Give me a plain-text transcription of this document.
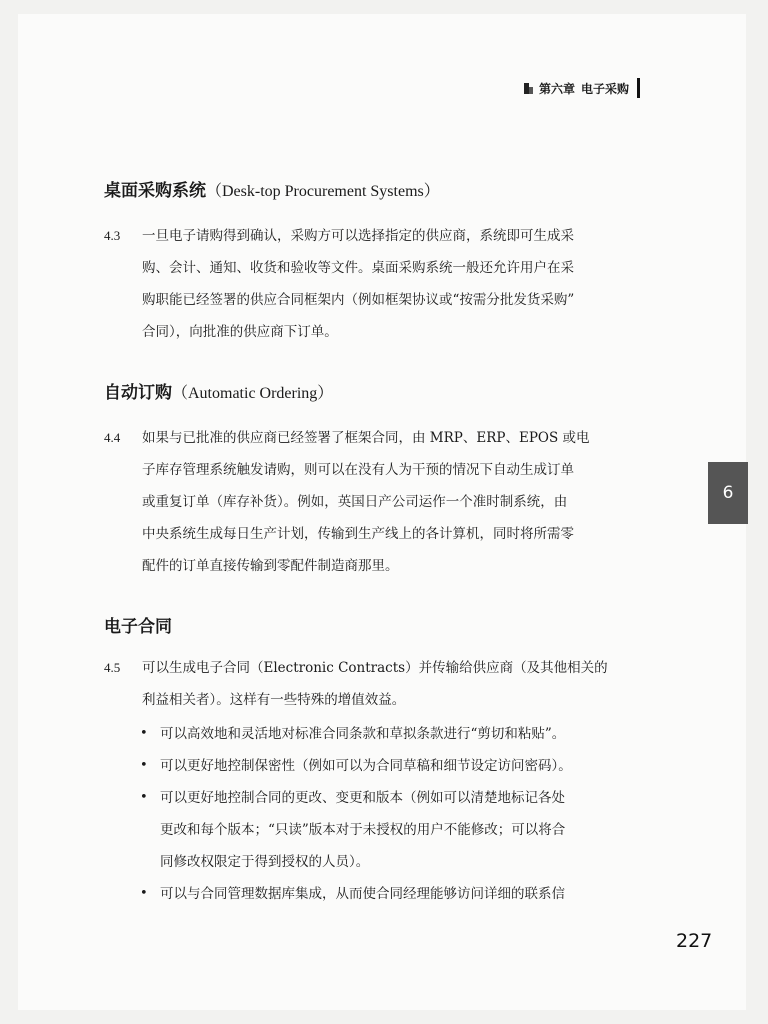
第六章 电子采购
桌面采购系统（Desk-top Procurement Systems）
4.3 一旦电子请购得到确认，采购方可以选择指定的供应商，系统即可生成采
购、会计、通知、收货和验收等文件。桌面采购系统一般还允许用户在采
购职能已经签署的供应合同框架内（例如框架协议或“按需分批发货采购”
合同），向批准的供应商下订单。
自动订购（Automatic Ordering）
4.4 如果与已批准的供应商已经签署了框架合同，由 MRP、ERP、EPOS 或电
子库存管理系统触发请购，则可以在没有人为干预的情况下自动生成订单
或重复订单（库存补货）。例如，英国日产公司运作一个准时制系统，由
中央系统生成每日生产计划，传输到生产线上的各计算机，同时将所需零
配件的订单直接传输到零配件制造商那里。
电子合同
4.5 可以生成电子合同（Electronic Contracts）并传输给供应商（及其他相关的
利益相关者）。这样有一些特殊的增值效益。
• 可以高效地和灵活地对标准合同条款和草拟条款进行“剪切和粘贴”。
• 可以更好地控制保密性（例如可以为合同草稿和细节设定访问密码）。
• 可以更好地控制合同的更改、变更和版本（例如可以清楚地标记各处
更改和每个版本；“只读”版本对于未授权的用户不能修改；可以将合
同修改权限定于得到授权的人员）。
• 可以与合同管理数据库集成，从而使合同经理能够访问详细的联系信
6
227
